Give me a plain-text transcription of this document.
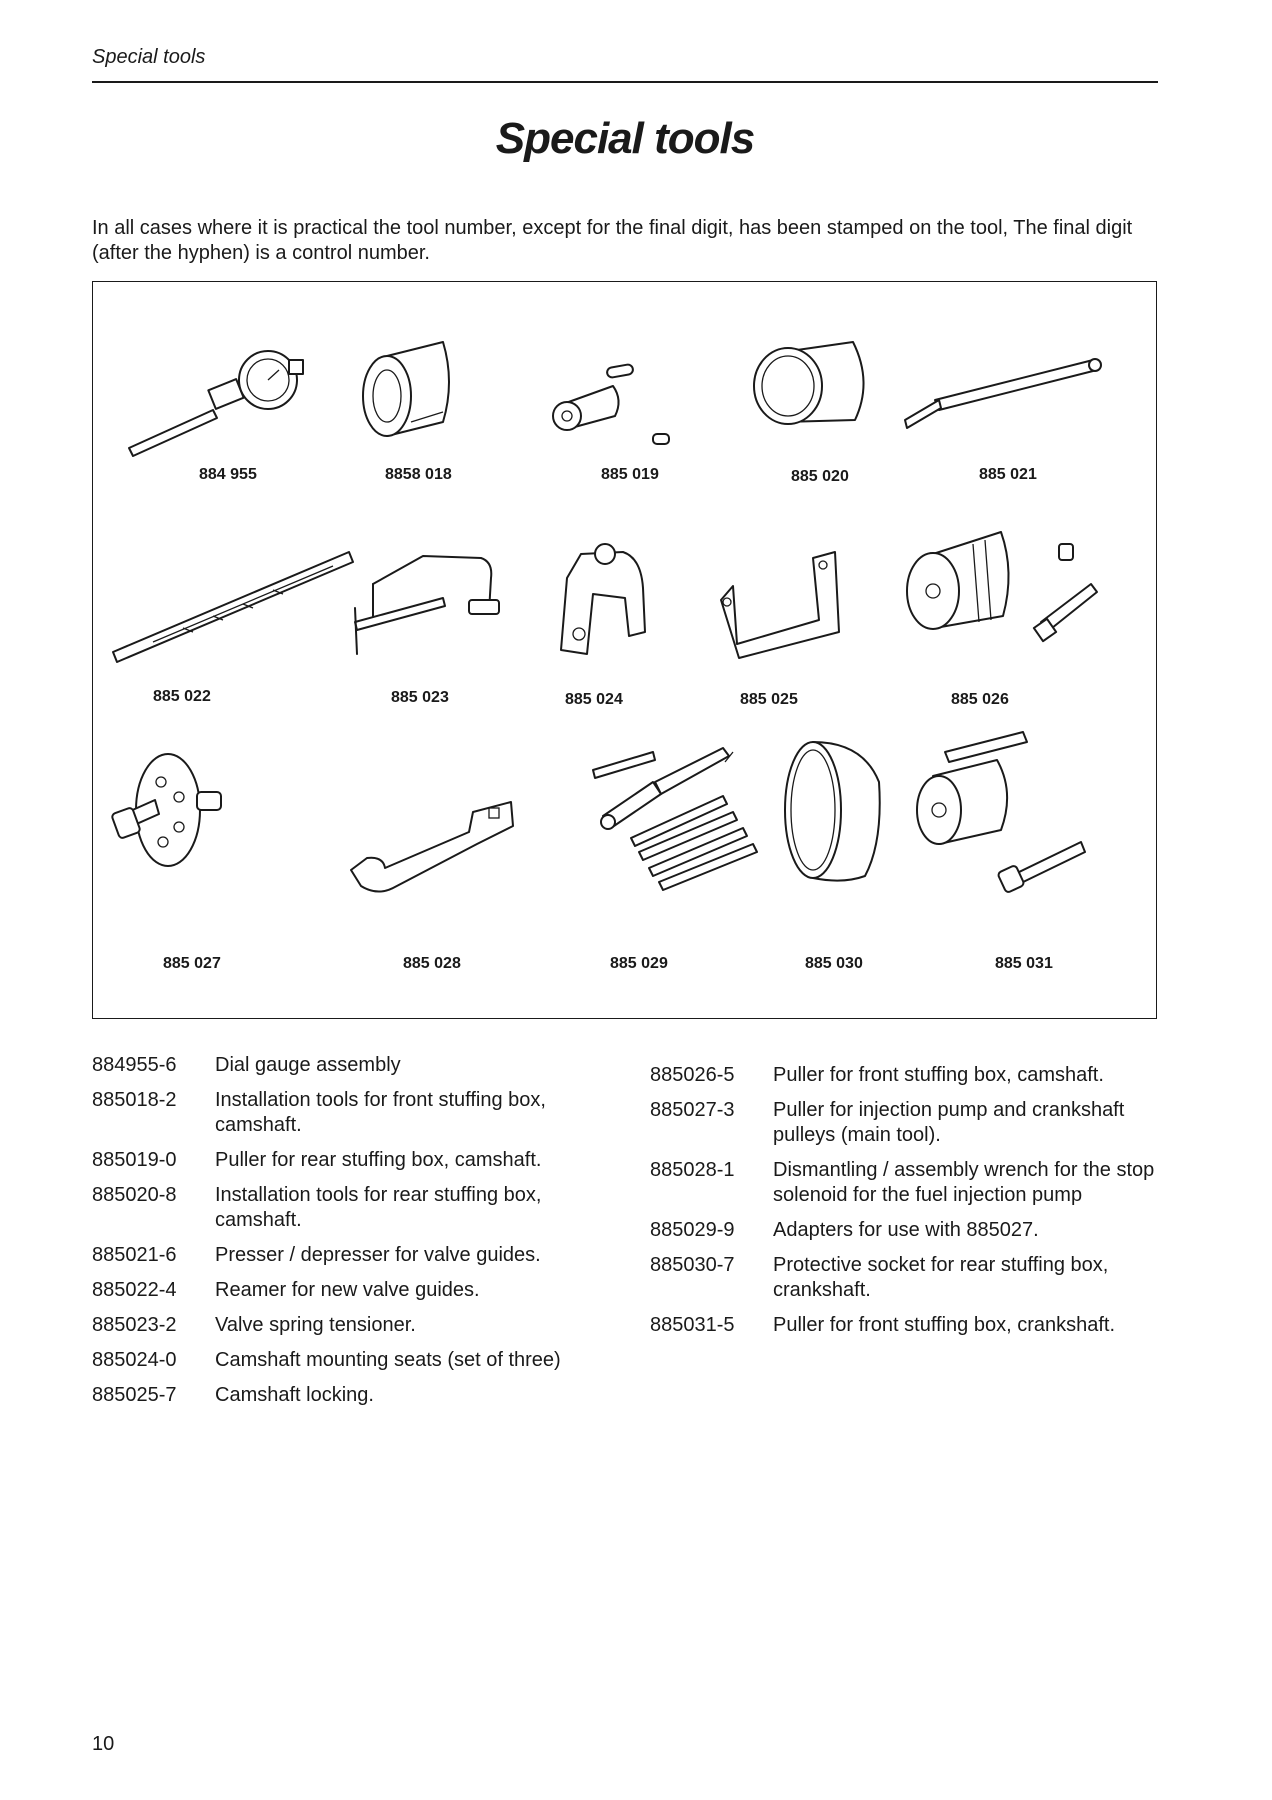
Special tools
Special tools

In all cases where it is practical the tool number, except for the final digit, has been stamped on the tool, The final digit (after the hyphen) is a control number.

884 955	8858 018	885 019	885 020	885 021
885 022	885 023	885 024	885 025	885 026
885 027	885 028	885 029	885 030	885 031
884955-6	Dial gauge assembly
885018-2	Installation tools for front stuffing box, camshaft.
885019-0	Puller for rear stuffing box, camshaft.
885020-8	Installation tools for rear stuffing box, camshaft.
885021-6	Presser / depresser for valve guides.
885022-4	Reamer for new valve guides.
885023-2	Valve spring tensioner.
885024-0	Camshaft mounting seats (set of three)
885025-7	Camshaft locking.
885026-5	Puller for front stuffing box, camshaft.
885027-3	Puller for injection pump and crankshaft pulleys (main tool).
885028-1	Dismantling / assembly wrench for the stop solenoid for the fuel injection pump
885029-9	Adapters for use with 885027.
885030-7	Protective socket for rear stuffing box, crankshaft.
885031-5	Puller for front stuffing box, crankshaft.
10
